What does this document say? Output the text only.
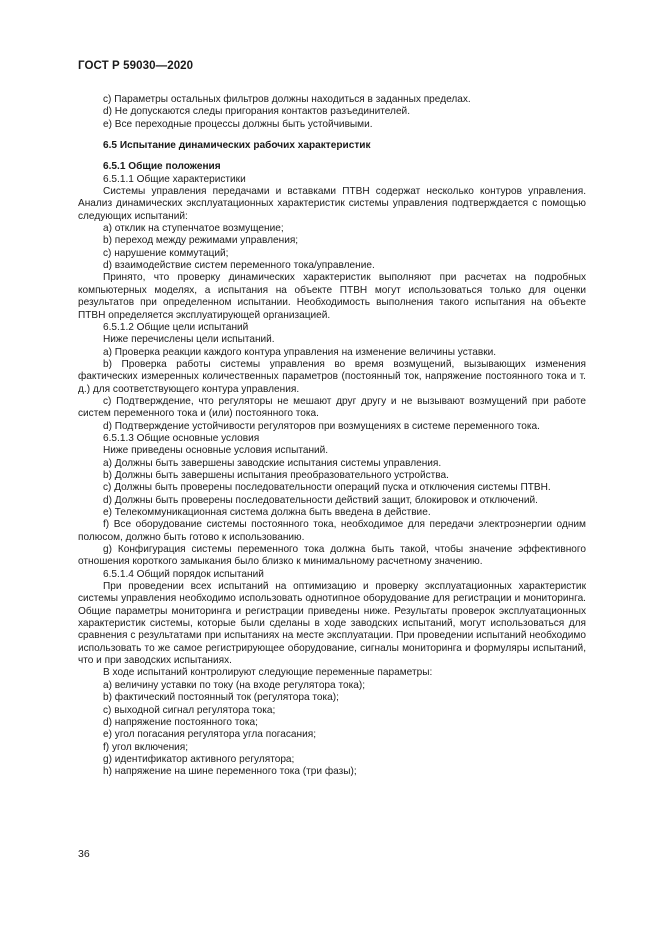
ГОСТ Р 59030—2020
c) Параметры остальных фильтров должны находиться в заданных пределах.
d) Не допускаются следы пригорания контактов разъединителей.
e) Все переходные процессы должны быть устойчивыми.
6.5 Испытание динамических рабочих характеристик
6.5.1 Общие положения
6.5.1.1 Общие характеристики
Системы управления передачами и вставками ПТВН содержат несколько контуров управления. Анализ динамических эксплуатационных характеристик системы управления подтверждается с помощью следующих испытаний:
a) отклик на ступенчатое возмущение;
b) переход между режимами управления;
c) нарушение коммутаций;
d) взаимодействие систем переменного тока/управление.
Принято, что проверку динамических характеристик выполняют при расчетах на подробных компьютерных моделях, а испытания на объекте ПТВН могут использоваться только для оценки результатов при определенном испытании. Необходимость выполнения такого испытания на объекте ПТВН определяется эксплуатирующей организацией.
6.5.1.2 Общие цели испытаний
Ниже перечислены цели испытаний.
a) Проверка реакции каждого контура управления на изменение величины уставки.
b) Проверка работы системы управления во время возмущений, вызывающих изменения фактических измеренных количественных параметров (постоянный ток, напряжение постоянного тока и т. д.) для соответствующего контура управления.
c) Подтверждение, что регуляторы не мешают друг другу и не вызывают возмущений при работе систем переменного тока и (или) постоянного тока.
d) Подтверждение устойчивости регуляторов при возмущениях в системе переменного тока.
6.5.1.3 Общие основные условия
Ниже приведены основные условия испытаний.
a) Должны быть завершены заводские испытания системы управления.
b) Должны быть завершены испытания преобразовательного устройства.
c) Должны быть проверены последовательности операций пуска и отключения системы ПТВН.
d) Должны быть проверены последовательности действий защит, блокировок и отключений.
e) Телекоммуникационная система должна быть введена в действие.
f) Все оборудование системы постоянного тока, необходимое для передачи электроэнергии одним полюсом, должно быть готово к использованию.
g) Конфигурация системы переменного тока должна быть такой, чтобы значение эффективного отношения короткого замыкания было близко к минимальному расчетному значению.
6.5.1.4 Общий порядок испытаний
При проведении всех испытаний на оптимизацию и проверку эксплуатационных характеристик системы управления необходимо использовать однотипное оборудование для регистрации и мониторинга. Общие параметры мониторинга и регистрации приведены ниже. Результаты проверок эксплуатационных характеристик системы, которые были сделаны в ходе заводских испытаний, могут использоваться для сравнения с результатами при испытаниях на месте эксплуатации. При проведении испытаний необходимо использовать то же самое регистрирующее оборудование, сигналы мониторинга и формуляры испытаний, что и при заводских испытаниях.
В ходе испытаний контролируют следующие переменные параметры:
a) величину уставки по току (на входе регулятора тока);
b) фактический постоянный ток (регулятора тока);
c) выходной сигнал регулятора тока;
d) напряжение постоянного тока;
e) угол погасания регулятора угла погасания;
f) угол включения;
g) идентификатор активного регулятора;
h) напряжение на шине переменного тока (три фазы);
36
